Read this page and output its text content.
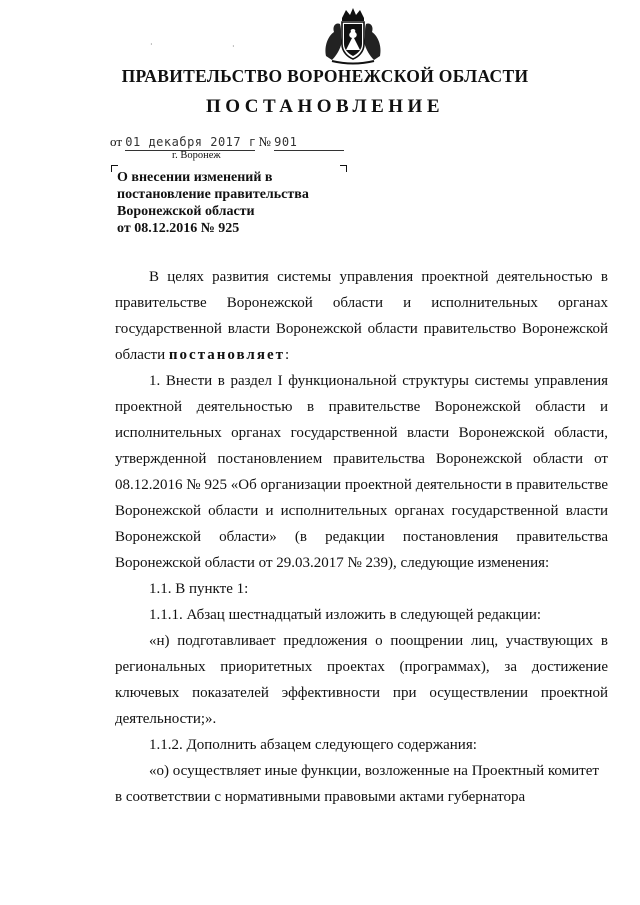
·	·
ПРАВИТЕЛЬСТВО ВОРОНЕЖСКОЙ ОБЛАСТИ
ПОСТАНОВЛЕНИЕ
от 01 декабря 2017 г № 901
г. Воронеж
О внесении изменений в
постановление правительства
Воронежской области
от 08.12.2016 № 925

В целях развития системы управления проектной деятельностью в правительстве Воронежской области и исполнительных органах государственной власти Воронежской области правительство Воронежской области постановляет:

1. Внести в раздел I функциональной структуры системы управления проектной деятельностью в правительстве Воронежской области и исполнительных органах государственной власти Воронежской области, утвержденной постановлением правительства Воронежской области от 08.12.2016 № 925 «Об организации проектной деятельности в правительстве Воронежской области и исполнительных органах государственной власти Воронежской области» (в редакции постановления правительства Воронежской области от 29.03.2017 № 239), следующие изменения:

1.1. В пункте 1:

1.1.1. Абзац шестнадцатый изложить в следующей редакции:

«н) подготавливает предложения о поощрении лиц, участвующих в региональных приоритетных проектах (программах), за достижение ключевых показателей эффективности при осуществлении проектной деятельности;».

1.1.2. Дополнить абзацем следующего содержания:

«о) осуществляет иные функции, возложенные на Проектный комитет

в соответствии с нормативными правовыми актами губернатора
